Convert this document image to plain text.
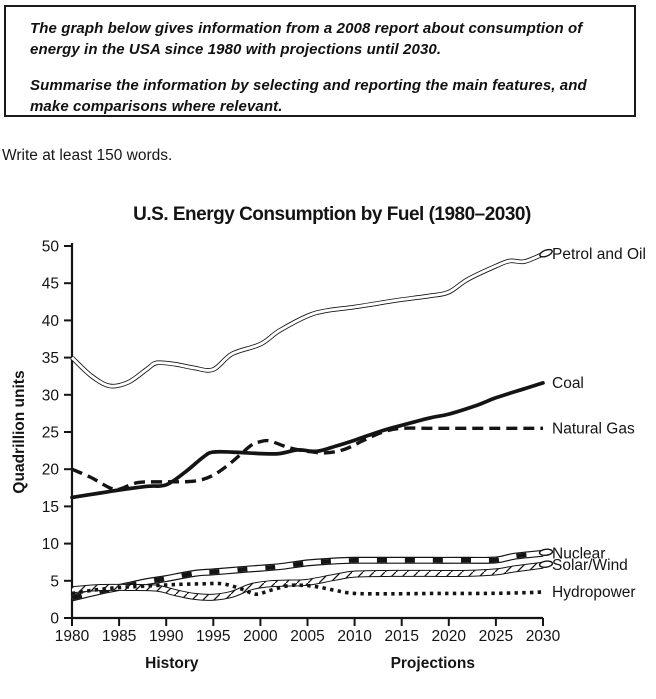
The graph below gives information from a 2008 report about consumption of energy in the USA since 1980 with projections until 2030.

Summarise the information by selecting and reporting the main features, and make comparisons where relevant.

Write at least 150 words.
U.S. Energy Consumption by Fuel (1980–2030)
Quadrillion units
0
5
10
15
20
25
30
35
40
45
50
1980 1985 1990 1995 2000 2005 2010 2015 2020 2025 2030
History	Projections
Petrol and Oil
Coal
Natural Gas
Nuclear
Solar/Wind
Hydropower
